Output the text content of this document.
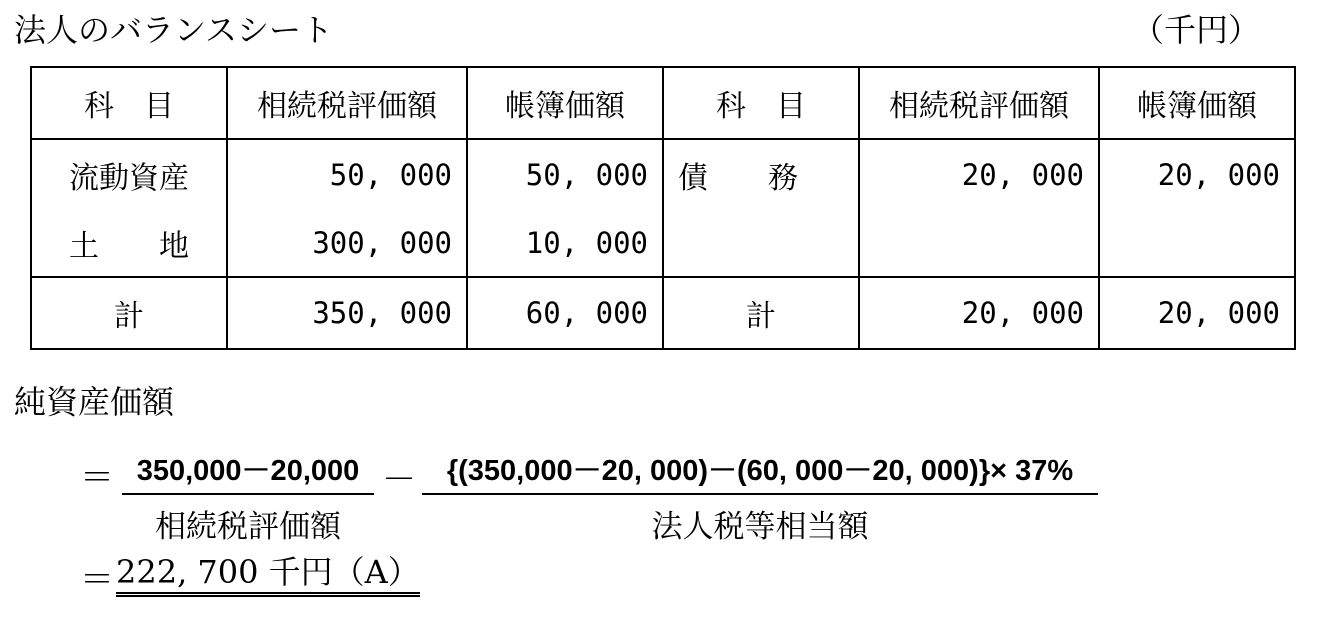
法人のバランスシート	（千円）
科　目	相続税評価額	帳簿価額	科　目	相続税評価額	帳簿価額
流動資産	50, 000	50, 000	債　　務	20, 000	20, 000
土　　地	300, 000	10, 000			
計	350, 000	60, 000	計	20, 000	20, 000
純資産価額
＝ 350,000－20,000
相続税評価額
－	{(350,000－20, 000)－(60, 000－20, 000)}× 37%
法人税等相当額
＝ 222, 700 千円（A）
